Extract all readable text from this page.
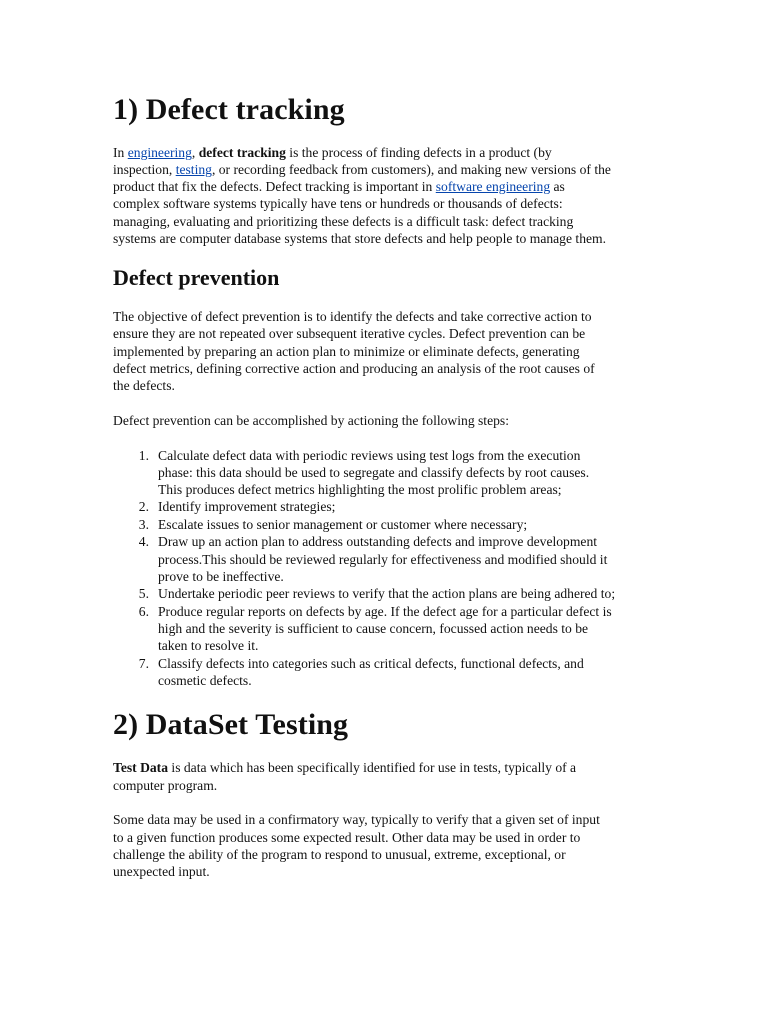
1) Defect tracking
In engineering, defect tracking is the process of finding defects in a product (by
inspection, testing, or recording feedback from customers), and making new versions of the
product that fix the defects. Defect tracking is important in software engineering as
complex software systems typically have tens or hundreds or thousands of defects:
managing, evaluating and prioritizing these defects is a difficult task: defect tracking
systems are computer database systems that store defects and help people to manage them.
Defect prevention
The objective of defect prevention is to identify the defects and take corrective action to
ensure they are not repeated over subsequent iterative cycles. Defect prevention can be
implemented by preparing an action plan to minimize or eliminate defects, generating
defect metrics, defining corrective action and producing an analysis of the root causes of
the defects.
Defect prevention can be accomplished by actioning the following steps:
1. Calculate defect data with periodic reviews using test logs from the execution
phase: this data should be used to segregate and classify defects by root causes.
This produces defect metrics highlighting the most prolific problem areas;
2. Identify improvement strategies;
3. Escalate issues to senior management or customer where necessary;
4. Draw up an action plan to address outstanding defects and improve development
process.This should be reviewed regularly for effectiveness and modified should it
prove to be ineffective.
5. Undertake periodic peer reviews to verify that the action plans are being adhered to;
6. Produce regular reports on defects by age. If the defect age for a particular defect is
high and the severity is sufficient to cause concern, focussed action needs to be
taken to resolve it.
7. Classify defects into categories such as critical defects, functional defects, and
cosmetic defects.
2) DataSet Testing
Test Data is data which has been specifically identified for use in tests, typically of a
computer program.
Some data may be used in a confirmatory way, typically to verify that a given set of input
to a given function produces some expected result. Other data may be used in order to
challenge the ability of the program to respond to unusual, extreme, exceptional, or
unexpected input.
